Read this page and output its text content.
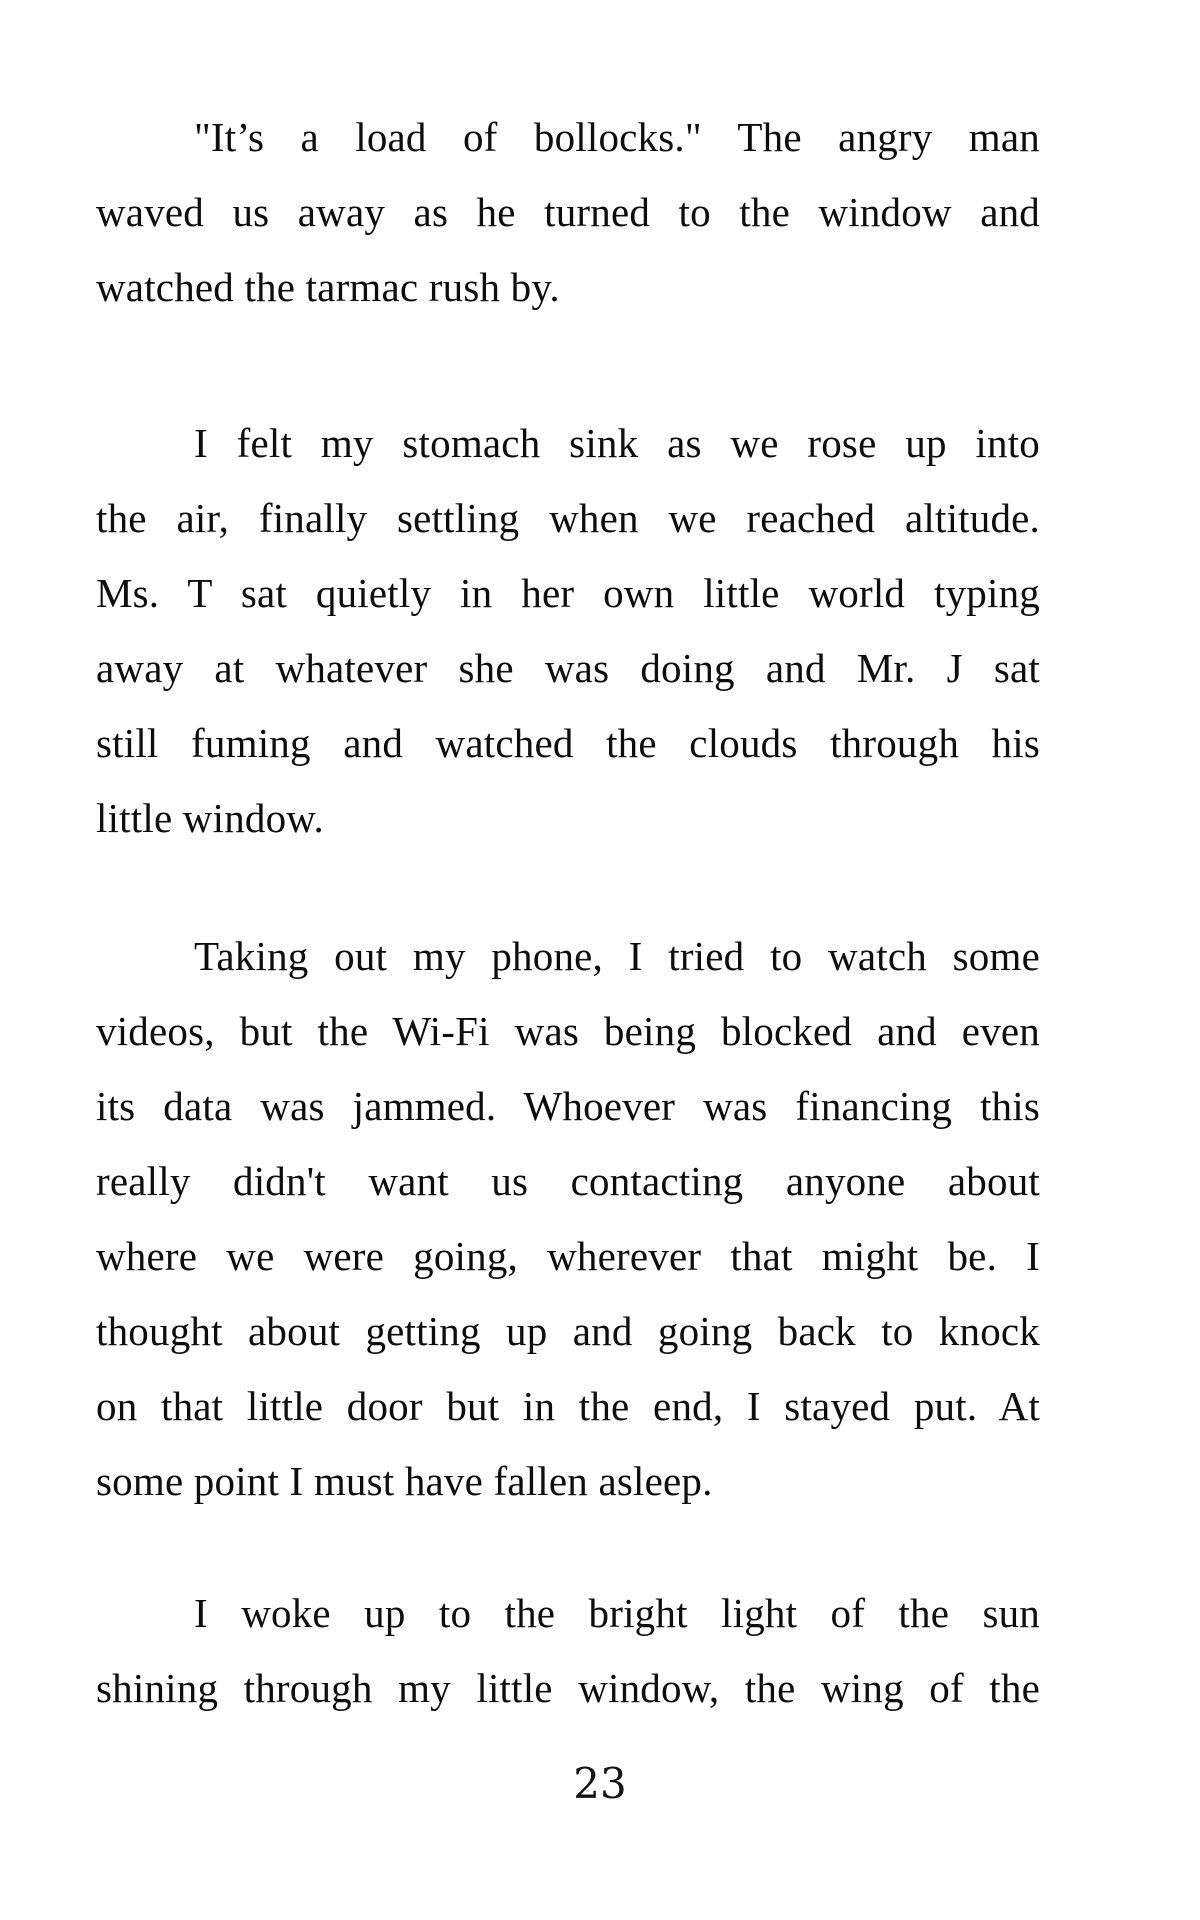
"It’s a load of bollocks." The angry man
waved us away as he turned to the window and
watched the tarmac rush by.
I felt my stomach sink as we rose up into
the air, finally settling when we reached altitude.
Ms. T sat quietly in her own little world typing
away at whatever she was doing and Mr. J sat
still fuming and watched the clouds through his
little window.
Taking out my phone, I tried to watch some
videos, but the Wi-Fi was being blocked and even
its data was jammed. Whoever was financing this
really didn't want us contacting anyone about
where we were going, wherever that might be. I
thought about getting up and going back to knock
on that little door but in the end, I stayed put. At
some point I must have fallen asleep.
I woke up to the bright light of the sun
shining through my little window, the wing of the
23
